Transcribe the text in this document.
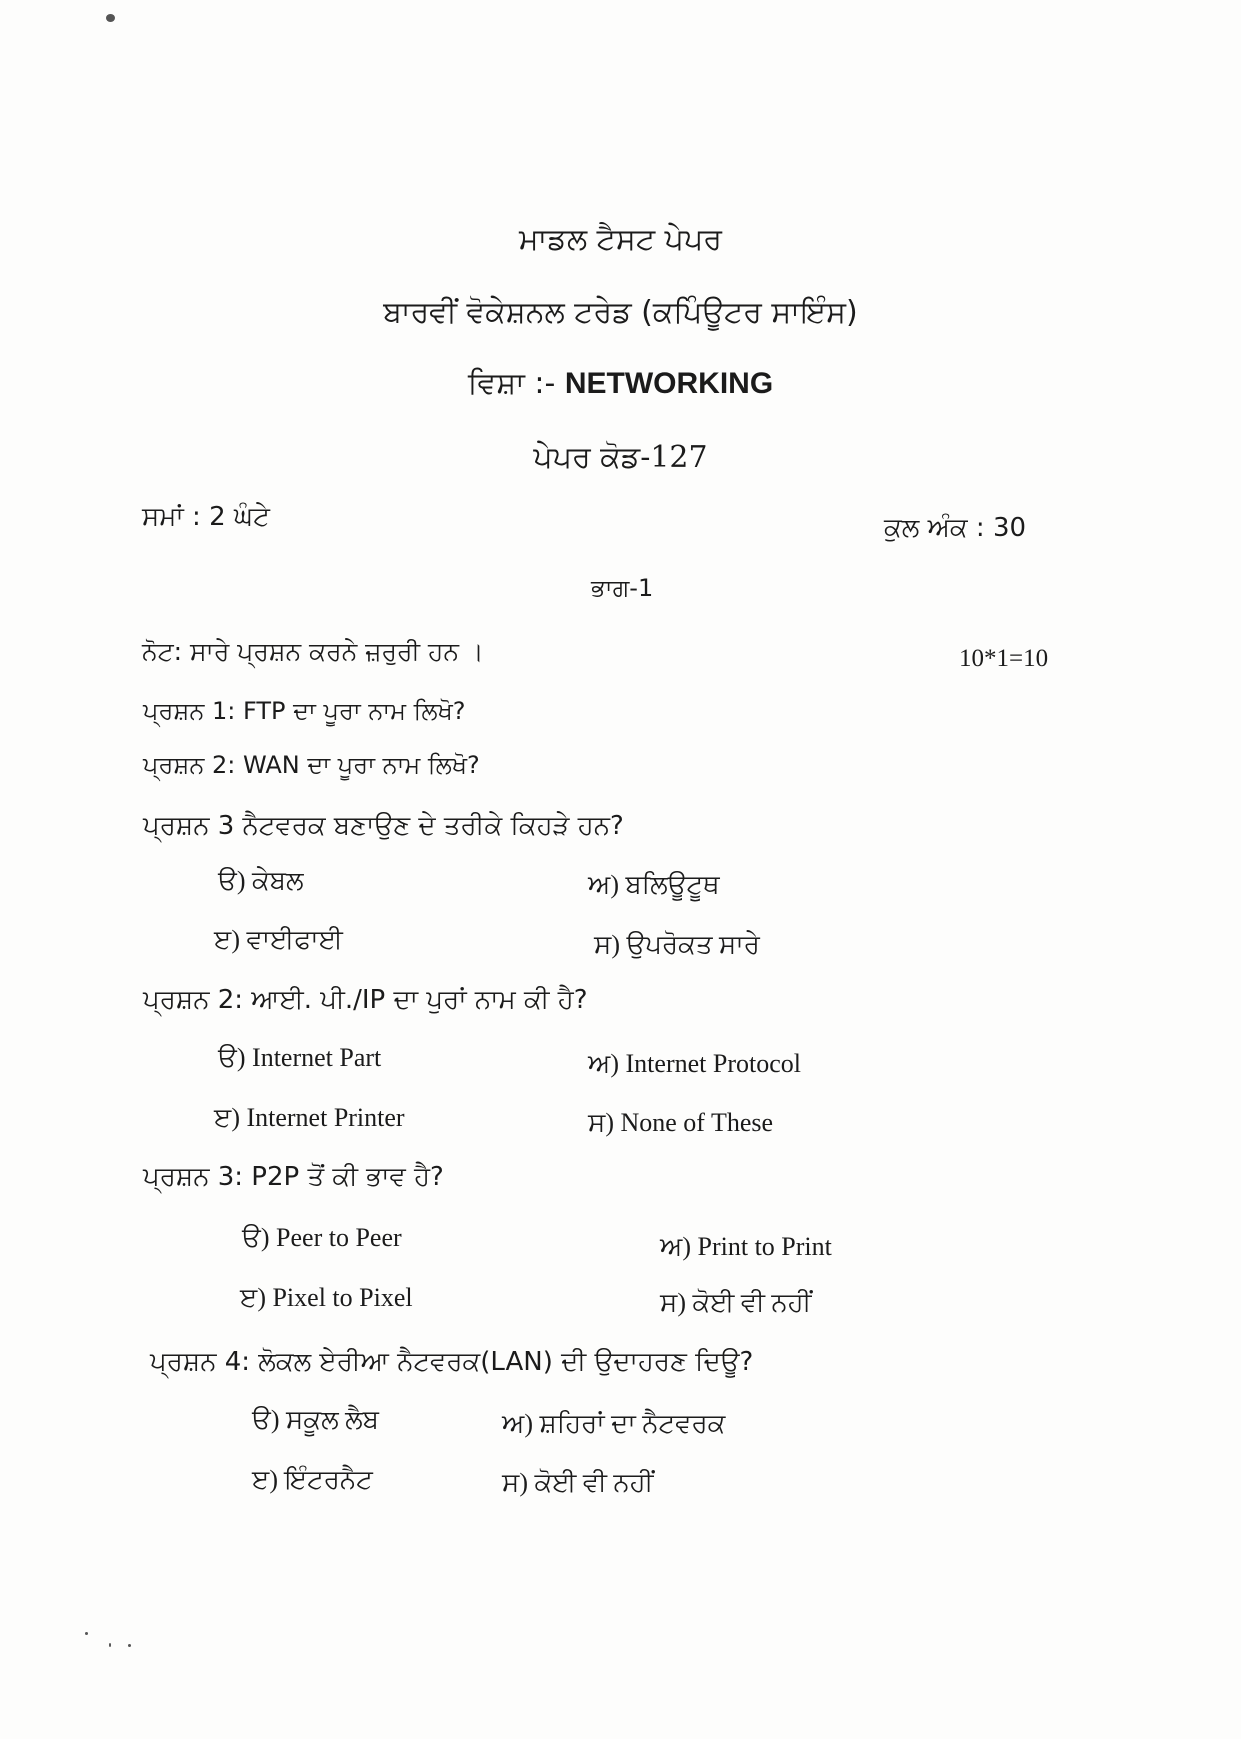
ਮਾਡਲ ਟੈਸਟ ਪੇਪਰ
ਬਾਰਵੀਂ ਵੋਕੇਸ਼ਨਲ ਟਰੇਡ (ਕਪਿੰਊਟਰ ਸਾਇੰਸ)
ਵਿਸ਼ਾ :- NETWORKING
ਪੇਪਰ ਕੋਡ-127
ਸਮਾਂ : 2 ਘੰਟੇ	ਕੁਲ ਅੰਕ : 30
ਭਾਗ-1
ਨੋਟ: ਸਾਰੇ ਪ੍ਰਸ਼ਨ ਕਰਨੇ ਜ਼ਰੁਰੀ ਹਨ ।	10*1=10
ਪ੍ਰਸ਼ਨ 1: FTP ਦਾ ਪੂਰਾ ਨਾਮ ਲਿਖੋ?
ਪ੍ਰਸ਼ਨ 2: WAN ਦਾ ਪੂਰਾ ਨਾਮ ਲਿਖੋ?
ਪ੍ਰਸ਼ਨ 3 ਨੈਟਵਰਕ ਬਣਾਉਣ ਦੇ ਤਰੀਕੇ ਕਿਹੜੇ ਹਨ?
ੳ) ਕੇਬਲ	ਅ) ਬਲਿਊਟੂਥ
ੲ) ਵਾਈਫਾਈ	ਸ) ਉਪਰੋਕਤ ਸਾਰੇ
ਪ੍ਰਸ਼ਨ 2: ਆਈ. ਪੀ./IP ਦਾ ਪੁਰਾਂ ਨਾਮ ਕੀ ਹੈ?
ੳ) Internet Part	ਅ) Internet Protocol
ੲ) Internet Printer	ਸ) None of These
ਪ੍ਰਸ਼ਨ 3: P2P ਤੋਂ ਕੀ ਭਾਵ ਹੈ?
ੳ) Peer to Peer	ਅ) Print to Print
ੲ) Pixel to Pixel	ਸ) ਕੋਈ ਵੀ ਨਹੀਂ
ਪ੍ਰਸ਼ਨ 4: ਲੋਕਲ ਏਰੀਆ ਨੈਟਵਰਕ(LAN) ਦੀ ਉਦਾਹਰਣ ਦਿਊ?
ੳ) ਸਕੂਲ ਲੈਬ	ਅ) ਸ਼ਹਿਰਾਂ ਦਾ ਨੈਟਵਰਕ
ੲ) ਇੰਟਰਨੈਟ	ਸ) ਕੋਈ ਵੀ ਨਹੀਂ
